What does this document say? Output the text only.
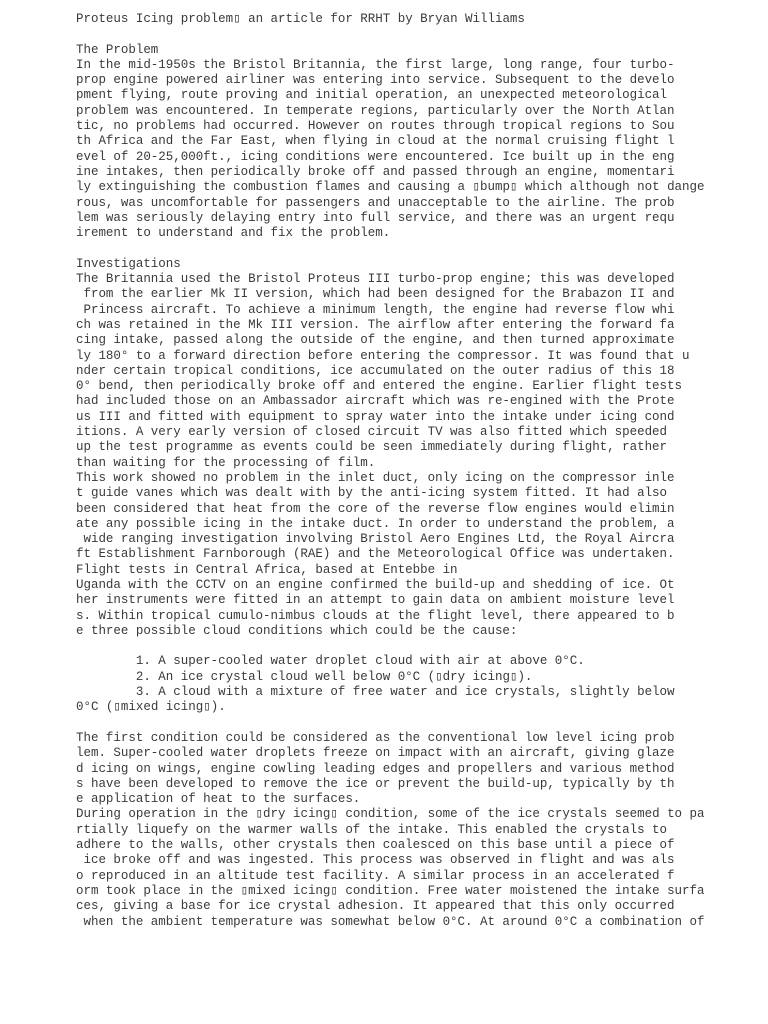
Proteus Icing problem▯ an article for RRHT by Bryan Williams
The Problem
In the mid-1950s the Bristol Britannia, the first large, long range, four turbo-
prop engine powered airliner was entering into service. Subsequent to the develo
pment flying, route proving and initial operation, an unexpected meteorological
problem was encountered. In temperate regions, particularly over the North Atlan
tic, no problems had occurred. However on routes through tropical regions to Sou
th Africa and the Far East, when flying in cloud at the normal cruising flight l
evel of 20-25,000ft., icing conditions were encountered. Ice built up in the eng
ine intakes, then periodically broke off and passed through an engine, momentari
ly extinguishing the combustion flames and causing a ▯bump▯ which although not dange
rous, was uncomfortable for passengers and unacceptable to the airline. The prob
lem was seriously delaying entry into full service, and there was an urgent requ
irement to understand and fix the problem.
Investigations
The Britannia used the Bristol Proteus III turbo-prop engine; this was developed
from the earlier Mk II version, which had been designed for the Brabazon II and
Princess aircraft. To achieve a minimum length, the engine had reverse flow whi
ch was retained in the Mk III version. The airflow after entering the forward fa
cing intake, passed along the outside of the engine, and then turned approximate
ly 180° to a forward direction before entering the compressor. It was found that u
nder certain tropical conditions, ice accumulated on the outer radius of this 18
0° bend, then periodically broke off and entered the engine. Earlier flight tests
had included those on an Ambassador aircraft which was re-engined with the Prote
us III and fitted with equipment to spray water into the intake under icing cond
itions. A very early version of closed circuit TV was also fitted which speeded
up the test programme as events could be seen immediately during flight, rather
than waiting for the processing of film.
This work showed no problem in the inlet duct, only icing on the compressor inle
t guide vanes which was dealt with by the anti-icing system fitted. It had also
been considered that heat from the core of the reverse flow engines would elimin
ate any possible icing in the intake duct. In order to understand the problem, a
wide ranging investigation involving Bristol Aero Engines Ltd, the Royal Aircra
ft Establishment Farnborough (RAE) and the Meteorological Office was undertaken.
Flight tests in Central Africa, based at Entebbe in
Uganda with the CCTV on an engine confirmed the build-up and shedding of ice. Ot
her instruments were fitted in an attempt to gain data on ambient moisture level
s. Within tropical cumulo-nimbus clouds at the flight level, there appeared to b
e three possible cloud conditions which could be the cause:
1. A super-cooled water droplet cloud with air at above 0°C.
2. An ice crystal cloud well below 0°C (▯dry icing▯).
3. A cloud with a mixture of free water and ice crystals, slightly below
0°C (▯mixed icing▯).
The first condition could be considered as the conventional low level icing prob
lem. Super-cooled water droplets freeze on impact with an aircraft, giving glaze
d icing on wings, engine cowling leading edges and propellers and various method
s have been developed to remove the ice or prevent the build-up, typically by th
e application of heat to the surfaces.
During operation in the ▯dry icing▯ condition, some of the ice crystals seemed to pa
rtially liquefy on the warmer walls of the intake. This enabled the crystals to
adhere to the walls, other crystals then coalesced on this base until a piece of
ice broke off and was ingested. This process was observed in flight and was als
o reproduced in an altitude test facility. A similar process in an accelerated f
orm took place in the ▯mixed icing▯ condition. Free water moistened the intake surfa
ces, giving a base for ice crystal adhesion. It appeared that this only occurred
when the ambient temperature was somewhat below 0°C. At around 0°C a combination of
